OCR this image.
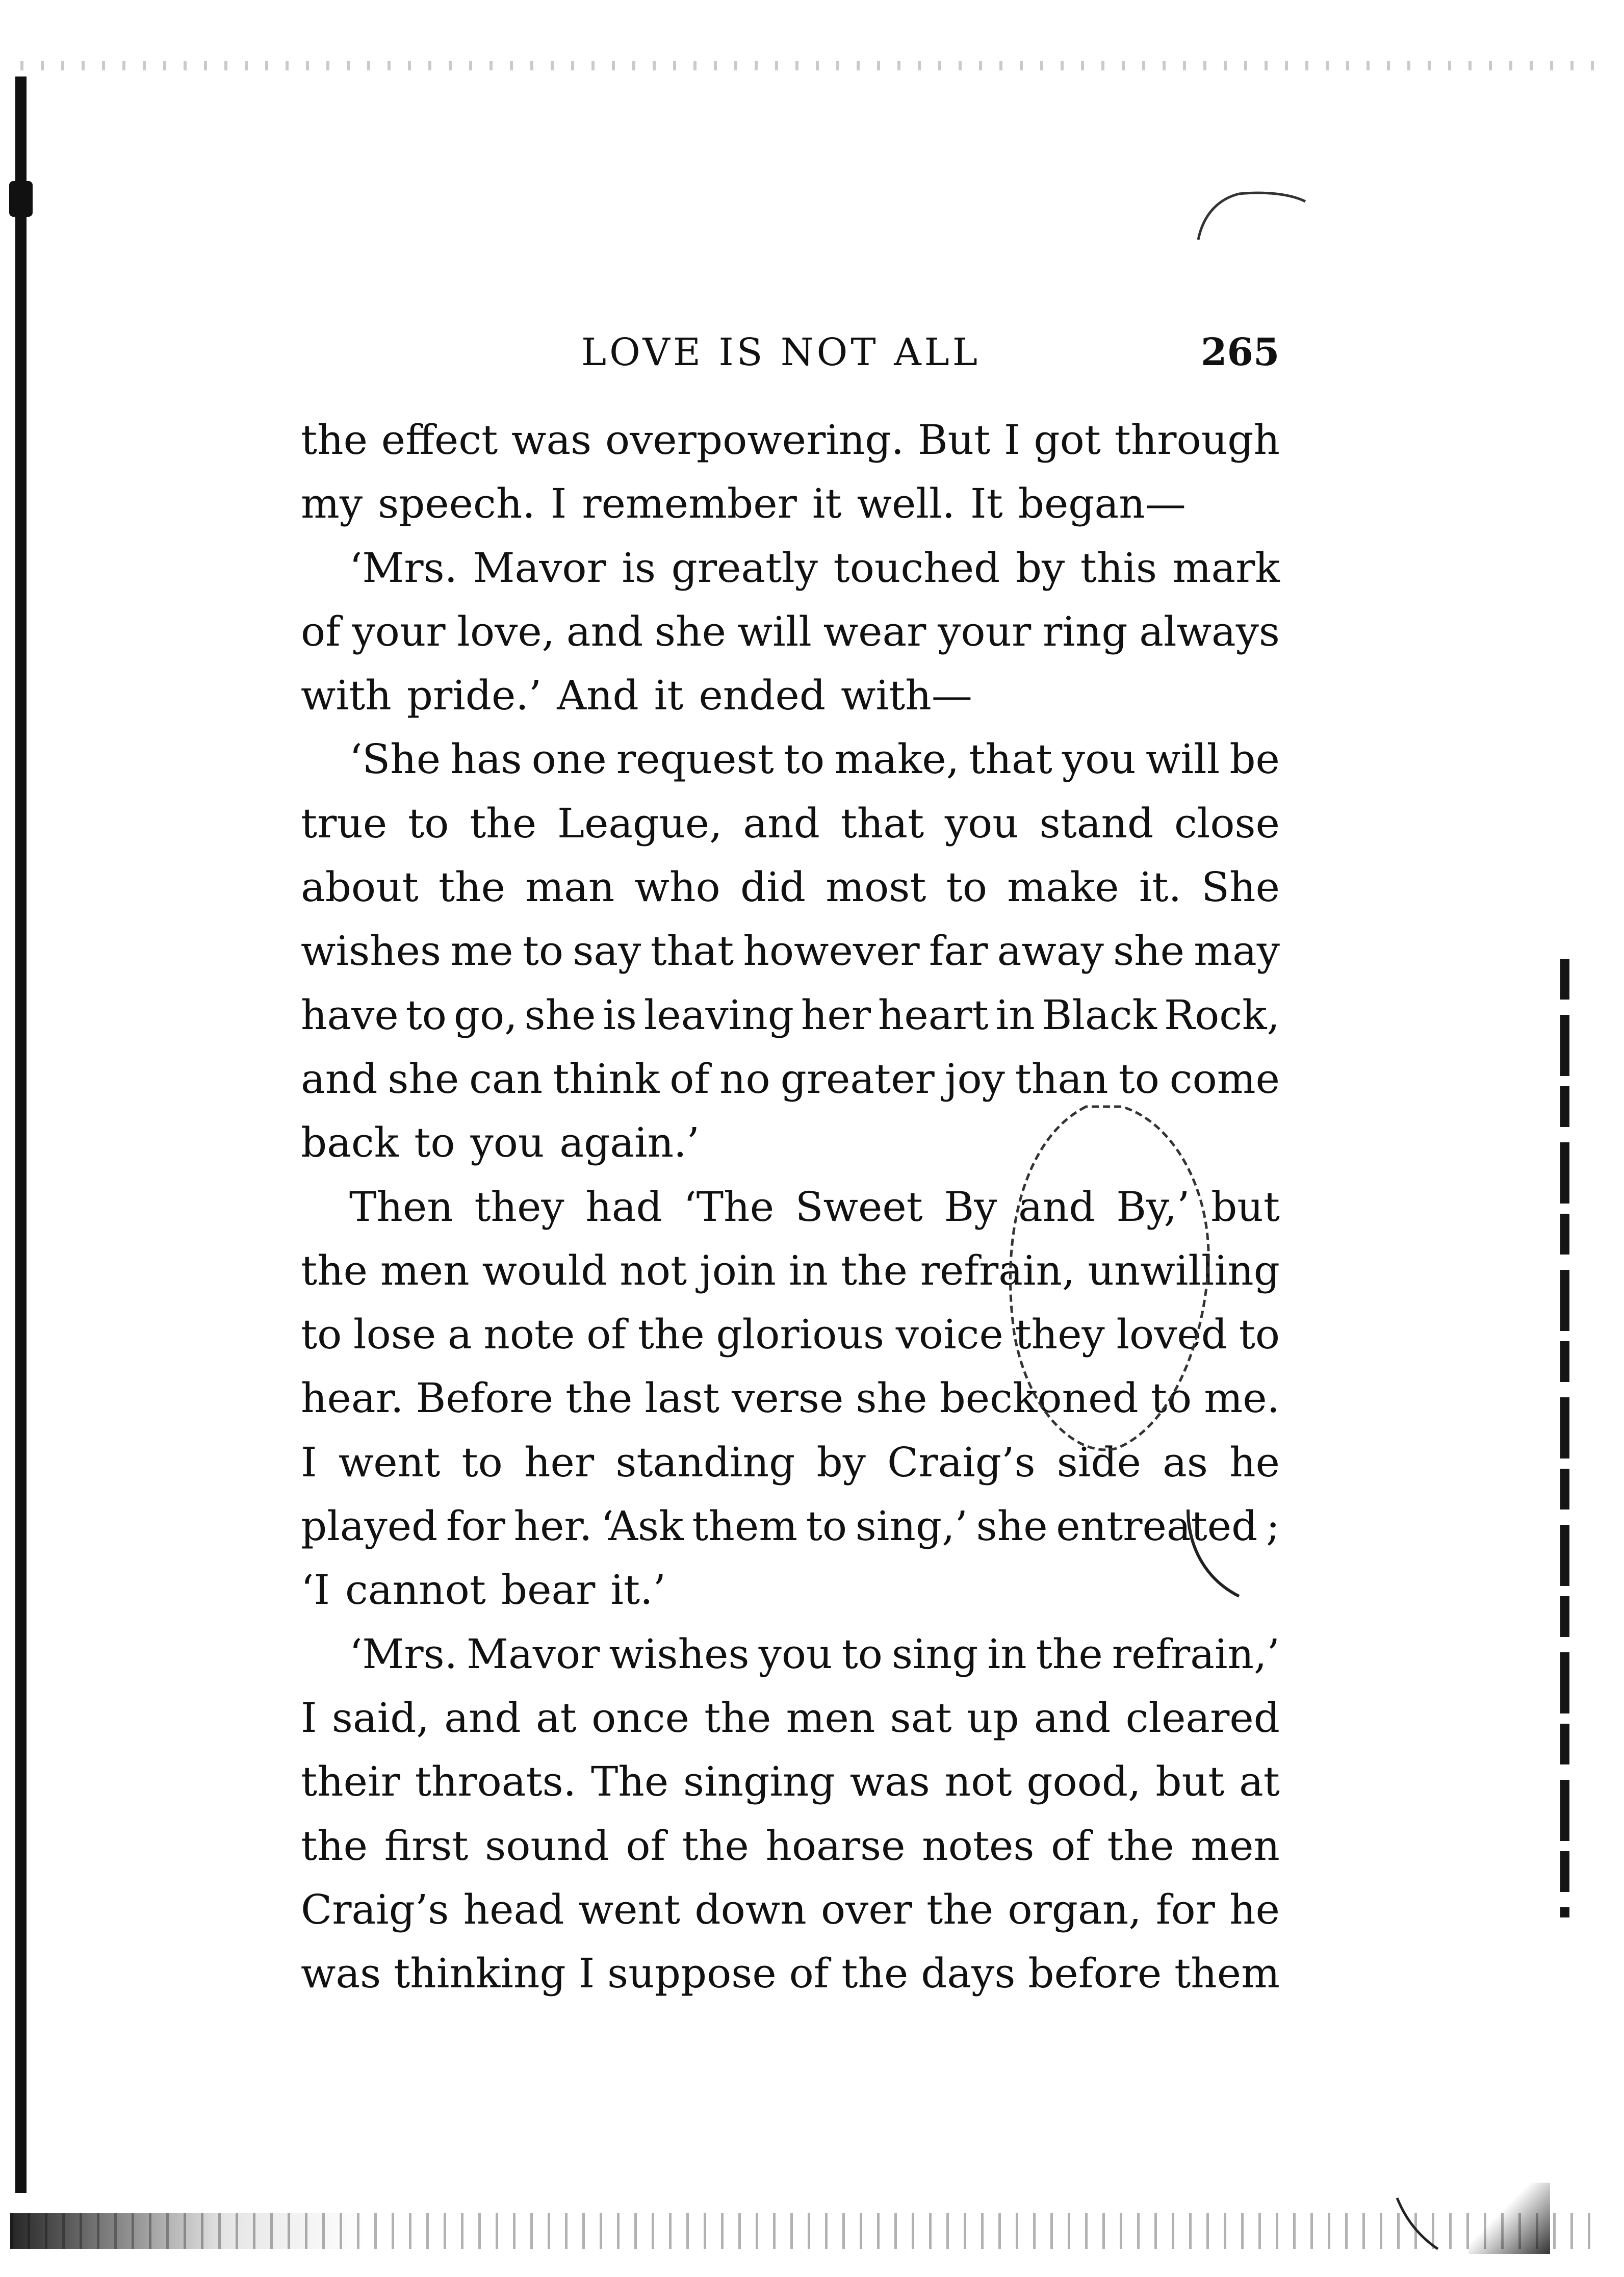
LOVE IS NOT ALL	265
the effect was overpowering. But I got through
my speech. I remember it well. It began—
‘Mrs. Mavor is greatly touched by this mark
of your love, and she will wear your ring always
with pride.’ And it ended with—
‘She has one request to make, that you will be
true to the League, and that you stand close
about the man who did most to make it. She
wishes me to say that however far away she may
have to go, she is leaving her heart in Black Rock,
and she can think of no greater joy than to come
back to you again.’
Then they had ‘The Sweet By and By,’ but
the men would not join in the refrain, unwilling
to lose a note of the glorious voice they loved to
hear. Before the last verse she beckoned to me.
I went to her standing by Craig’s side as he
played for her. ‘Ask them to sing,’ she entreated ;
‘I cannot bear it.’
‘Mrs. Mavor wishes you to sing in the refrain,’
I said, and at once the men sat up and cleared
their throats. The singing was not good, but at
the first sound of the hoarse notes of the men
Craig’s head went down over the organ, for he
was thinking I suppose of the days before them
